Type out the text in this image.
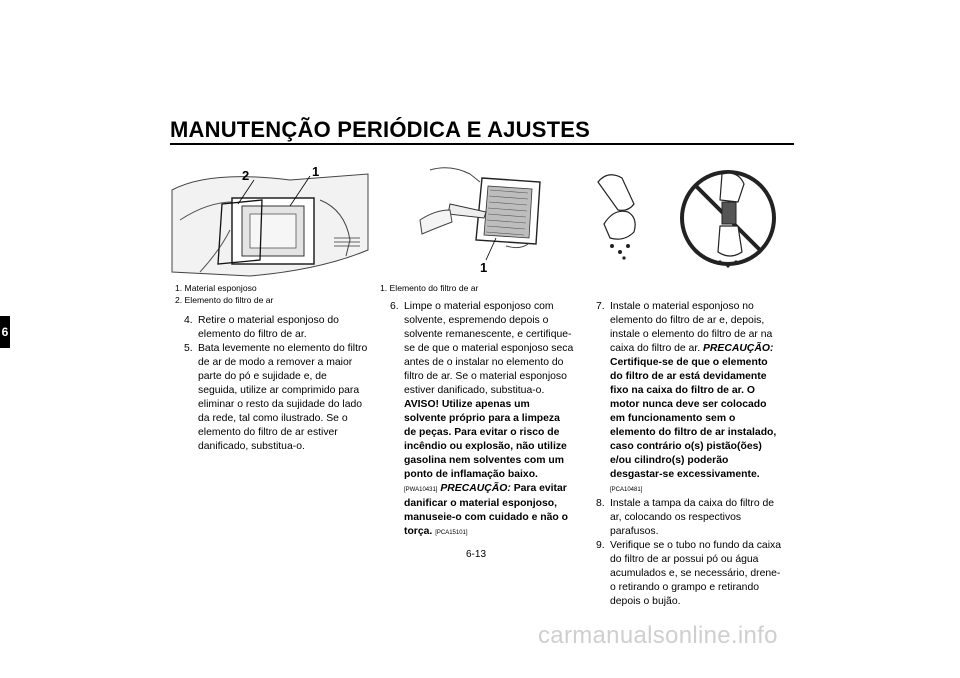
MANUTENÇÃO PERIÓDICA E AJUSTES
6
2	1
1. Material esponjoso
2. Elemento do filtro de ar
1
1. Elemento do filtro de ar

4. Retire o material esponjoso do elemento do filtro de ar.

5. Bata levemente no elemento do filtro de ar de modo a remover a maior parte do pó e sujidade e, de seguida, utilize ar comprimido para eliminar o resto da sujidade do lado da rede, tal como ilustrado. Se o elemento do filtro de ar estiver danificado, substitua-o.

6. Limpe o material esponjoso com solvente, espremendo depois o solvente remanescente, e certifique-se de que o material esponjoso seca antes de o instalar no elemento do filtro de ar. Se o material esponjoso estiver danificado, substitua-o. AVISO! Utilize apenas um solvente próprio para a limpeza de peças. Para evitar o risco de incêndio ou explosão, não utilize gasolina nem solventes com um ponto de inflamação baixo. [PWA10431] PRECAUÇÃO: Para evitar danificar o material esponjoso, manuseie-o com cuidado e não o torça. [PCA15101]

7. Instale o material esponjoso no elemento do filtro de ar e, depois, instale o elemento do filtro de ar na caixa do filtro de ar. PRECAUÇÃO: Certifique-se de que o elemento do filtro de ar está devidamente fixo na caixa do filtro de ar. O motor nunca deve ser colocado em funcionamento sem o elemento do filtro de ar instalado, caso contrário o(s) pistão(ões) e/ou cilindro(s) poderão desgastar-se excessivamente. [PCA10481]

8. Instale a tampa da caixa do filtro de ar, colocando os respectivos parafusos.

9. Verifique se o tubo no fundo da caixa do filtro de ar possui pó ou água acumulados e, se necessário, drene-o retirando o grampo e retirando depois o bujão.

6-13
carmanualsonline.info
